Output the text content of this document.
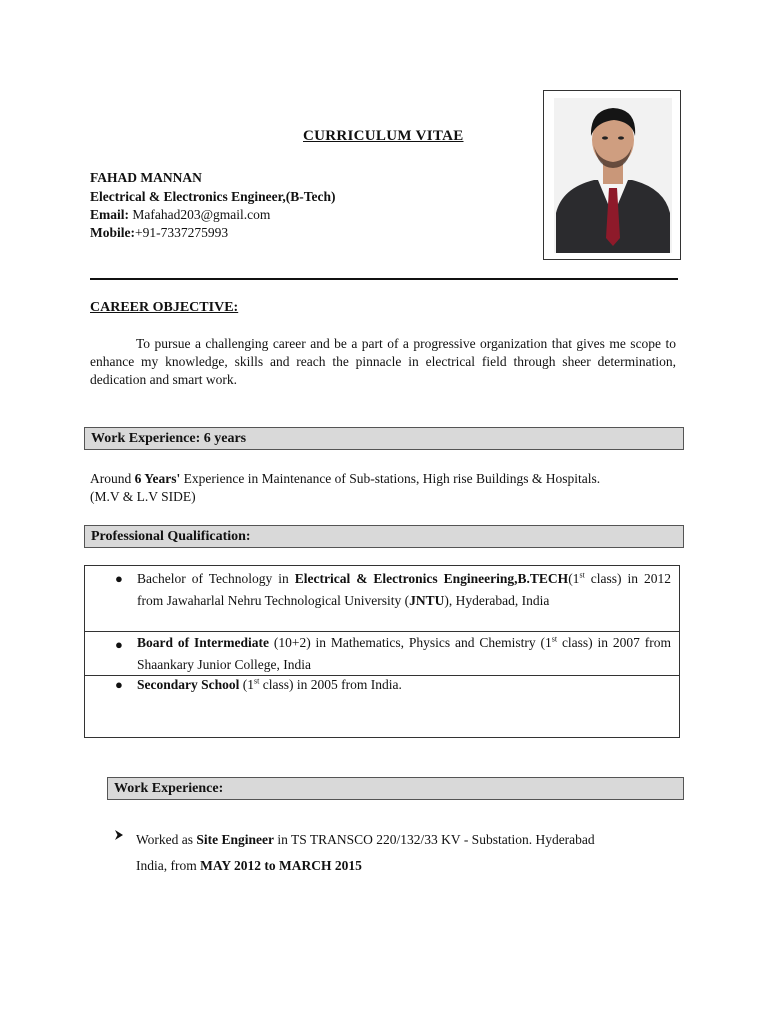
CURRICULUM VITAE
FAHAD MANNAN
Electrical & Electronics Engineer,(B-Tech)
Email: Mafahad203@gmail.com
Mobile:+91-7337275993
CAREER OBJECTIVE:
To pursue a challenging career and be a part of a progressive organization that gives me scope to enhance my knowledge, skills and reach the pinnacle in electrical field through sheer determination, dedication and smart work.
Work Experience: 6 years
Around 6 Years' Experience in Maintenance of Sub-stations, High rise Buildings & Hospitals.
(M.V & L.V SIDE)
Professional Qualification:
● Bachelor of Technology in Electrical & Electronics Engineering,B.TECH(1st class) in 2012 from Jawaharlal Nehru Technological University (JNTU), Hyderabad, India
● Board of Intermediate (10+2) in Mathematics, Physics and Chemistry (1st class) in 2007 from Shaankary Junior College, India
● Secondary School (1st class) in 2005 from India.
Work Experience:
Worked as Site Engineer in TS TRANSCO 220/132/33 KV - Substation. Hyderabad
India, from MAY 2012 to MARCH 2015
